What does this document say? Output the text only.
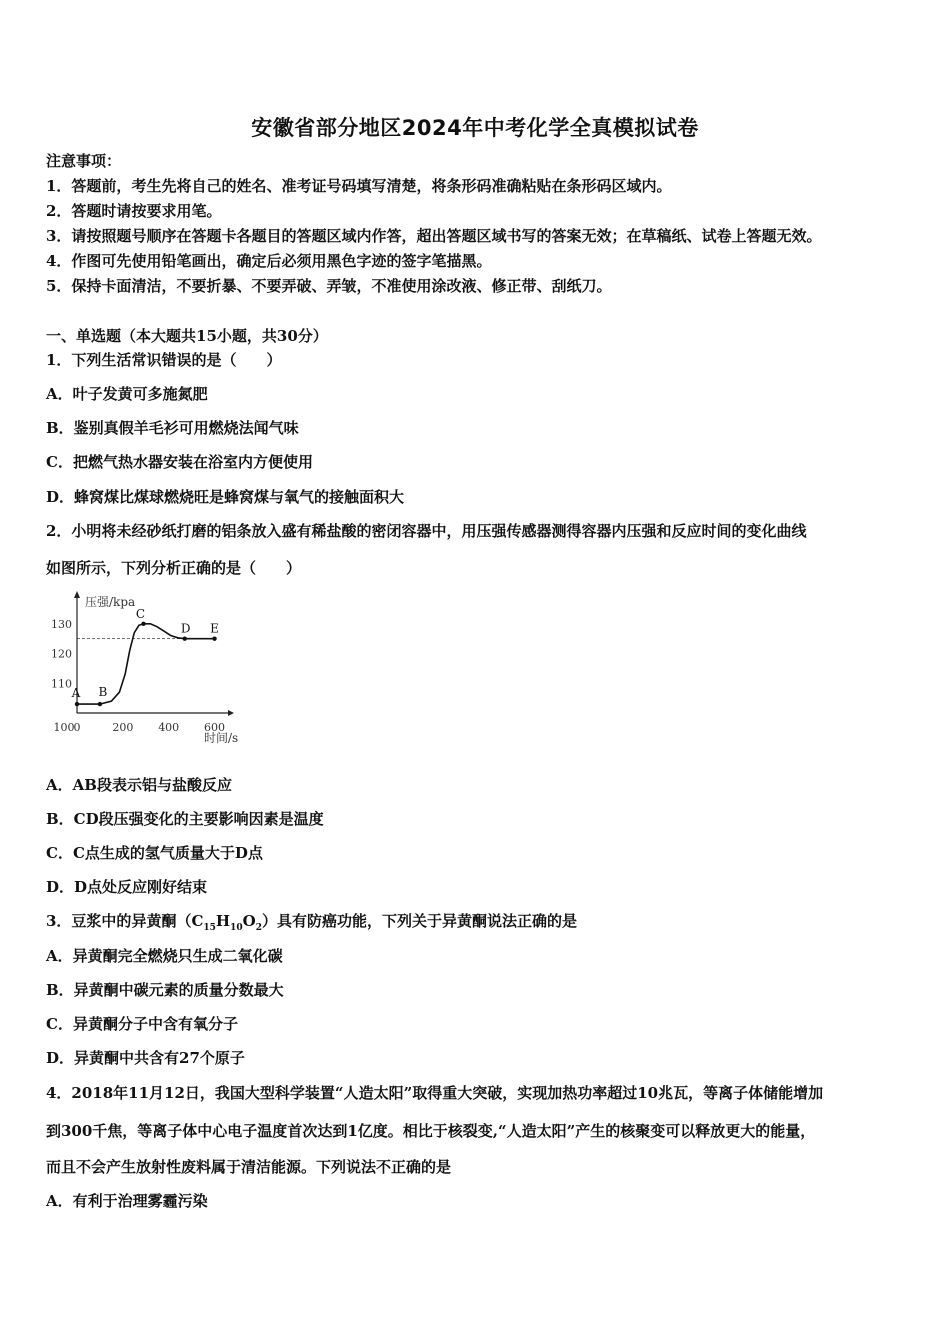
安徽省部分地区2024年中考化学全真模拟试卷
注意事项：
1．答题前，考生先将自己的姓名、准考证号码填写清楚，将条形码准确粘贴在条形码区域内。
2．答题时请按要求用笔。
3．请按照题号顺序在答题卡各题目的答题区域内作答，超出答题区域书写的答案无效；在草稿纸、试卷上答题无效。
4．作图可先使用铅笔画出，确定后必须用黑色字迹的签字笔描黑。
5．保持卡面清洁，不要折暴、不要弄破、弄皱，不准使用涂改液、修正带、刮纸刀。
一、单选题（本大题共15小题，共30分）
1．下列生活常识错误的是（　　）
A．叶子发黄可多施氮肥
B．鉴别真假羊毛衫可用燃烧法闻气味
C．把燃气热水器安装在浴室内方便使用
D．蜂窝煤比煤球燃烧旺是蜂窝煤与氧气的接触面积大
2．小明将未经砂纸打磨的铝条放入盛有稀盐酸的密闭容器中，用压强传感器测得容器内压强和反应时间的变化曲线
如图所示，下列分析正确的是（　　）
压强/kpa
时间/s
110
120
130
100 0	200 400 600
A B
C
D E
A．AB段表示铝与盐酸反应
B．CD段压强变化的主要影响因素是温度
C．C点生成的氢气质量大于D点
D．D点处反应刚好结束
3．豆浆中的异黄酮$(C_{15}H_{10}O_2)$具有防癌功能，下列关于异黄酮说法正确的是
A．异黄酮完全燃烧只生成二氧化碳
B．异黄酮中碳元素的质量分数最大
C．异黄酮分子中含有氧分子
D．异黄酮中共含有27个原子
4．2018年11月12日，我国大型科学装置“人造太阳”取得重大突破，实现加热功率超过10兆瓦，等离子体储能增加
到300千焦，等离子体中心电子温度首次达到1亿度。相比于核裂变,“人造太阳”产生的核聚变可以释放更大的能量，
而且不会产生放射性废料属于清洁能源。下列说法不正确的是
A．有利于治理雾霾污染
